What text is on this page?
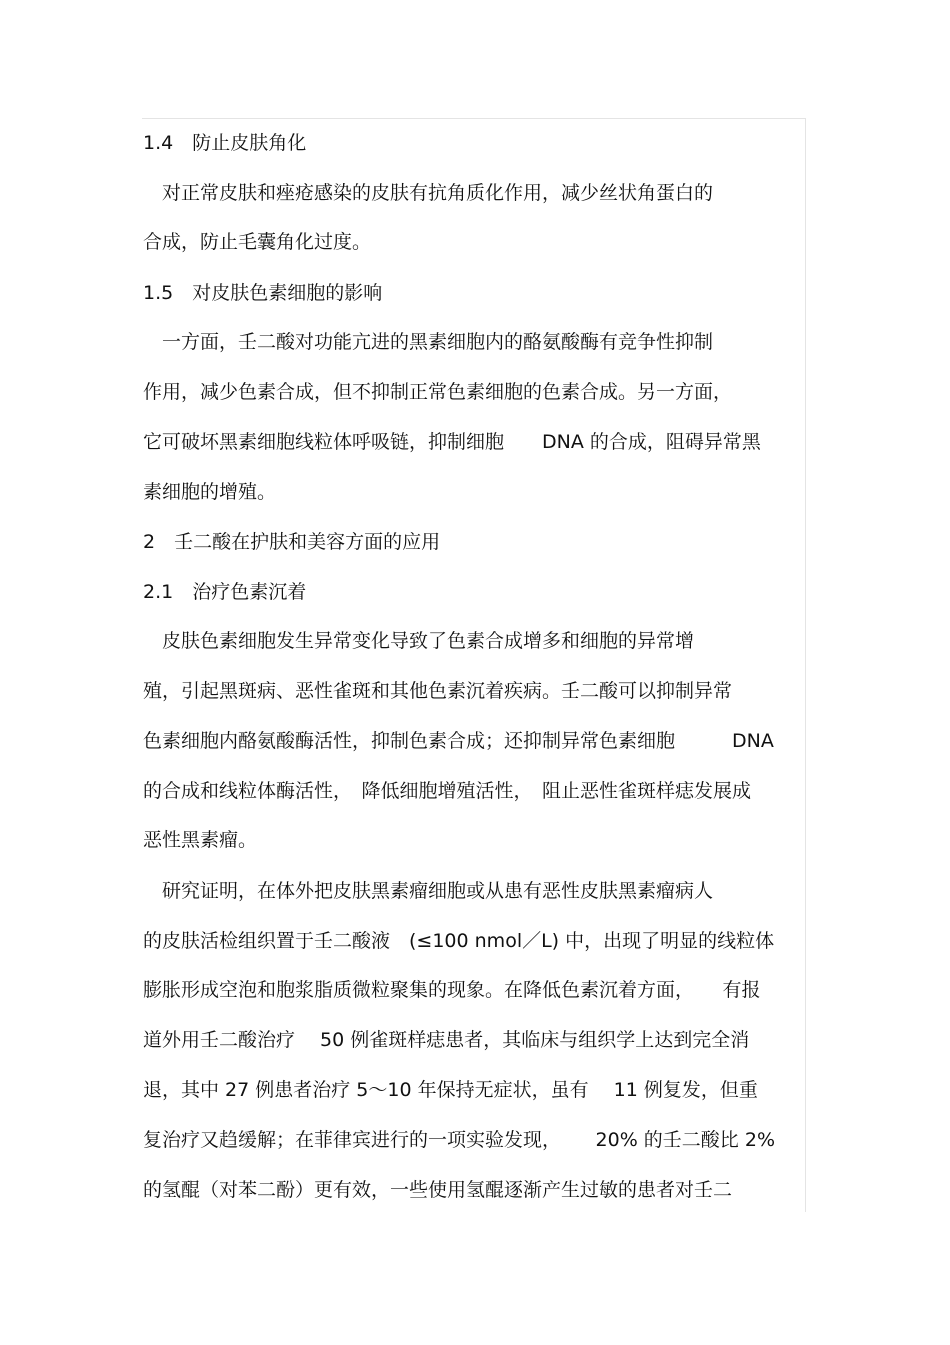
1.4　防止皮肤角化
　对正常皮肤和痤疮感染的皮肤有抗角质化作用，减少丝状角蛋白的
合成，防止毛囊角化过度。
1.5　对皮肤色素细胞的影响
　一方面，壬二酸对功能亢进的黑素细胞内的酪氨酸酶有竞争性抑制
作用，减少色素合成，但不抑制正常色素细胞的色素合成。另一方面，
它可破坏黑素细胞线粒体呼吸链，抑制细胞　　DNA 的合成，阻碍异常黑
素细胞的增殖。
2　壬二酸在护肤和美容方面的应用
2.1　治疗色素沉着
　皮肤色素细胞发生异常变化导致了色素合成增多和细胞的异常增
殖，引起黑斑病、恶性雀斑和其他色素沉着疾病。壬二酸可以抑制异常
色素细胞内酪氨酸酶活性，抑制色素合成；还抑制异常色素细胞　　　DNA
的合成和线粒体酶活性，　降低细胞增殖活性，　阻止恶性雀斑样痣发展成
恶性黑素瘤。
　研究证明，在体外把皮肤黑素瘤细胞或从患有恶性皮肤黑素瘤病人
的皮肤活检组织置于壬二酸液　(≤100 nmol／L) 中，出现了明显的线粒体
膨胀形成空泡和胞浆脂质微粒聚集的现象。在降低色素沉着方面，　　有报
道外用壬二酸治疗　 50 例雀斑样痣患者，其临床与组织学上达到完全消
退，其中 27 例患者治疗 5～10 年保持无症状，虽有　 11 例复发，但重
复治疗又趋缓解；在菲律宾进行的一项实验发现，　　 20% 的壬二酸比 2%
的氢醌（对苯二酚）更有效，一些使用氢醌逐渐产生过敏的患者对壬二
